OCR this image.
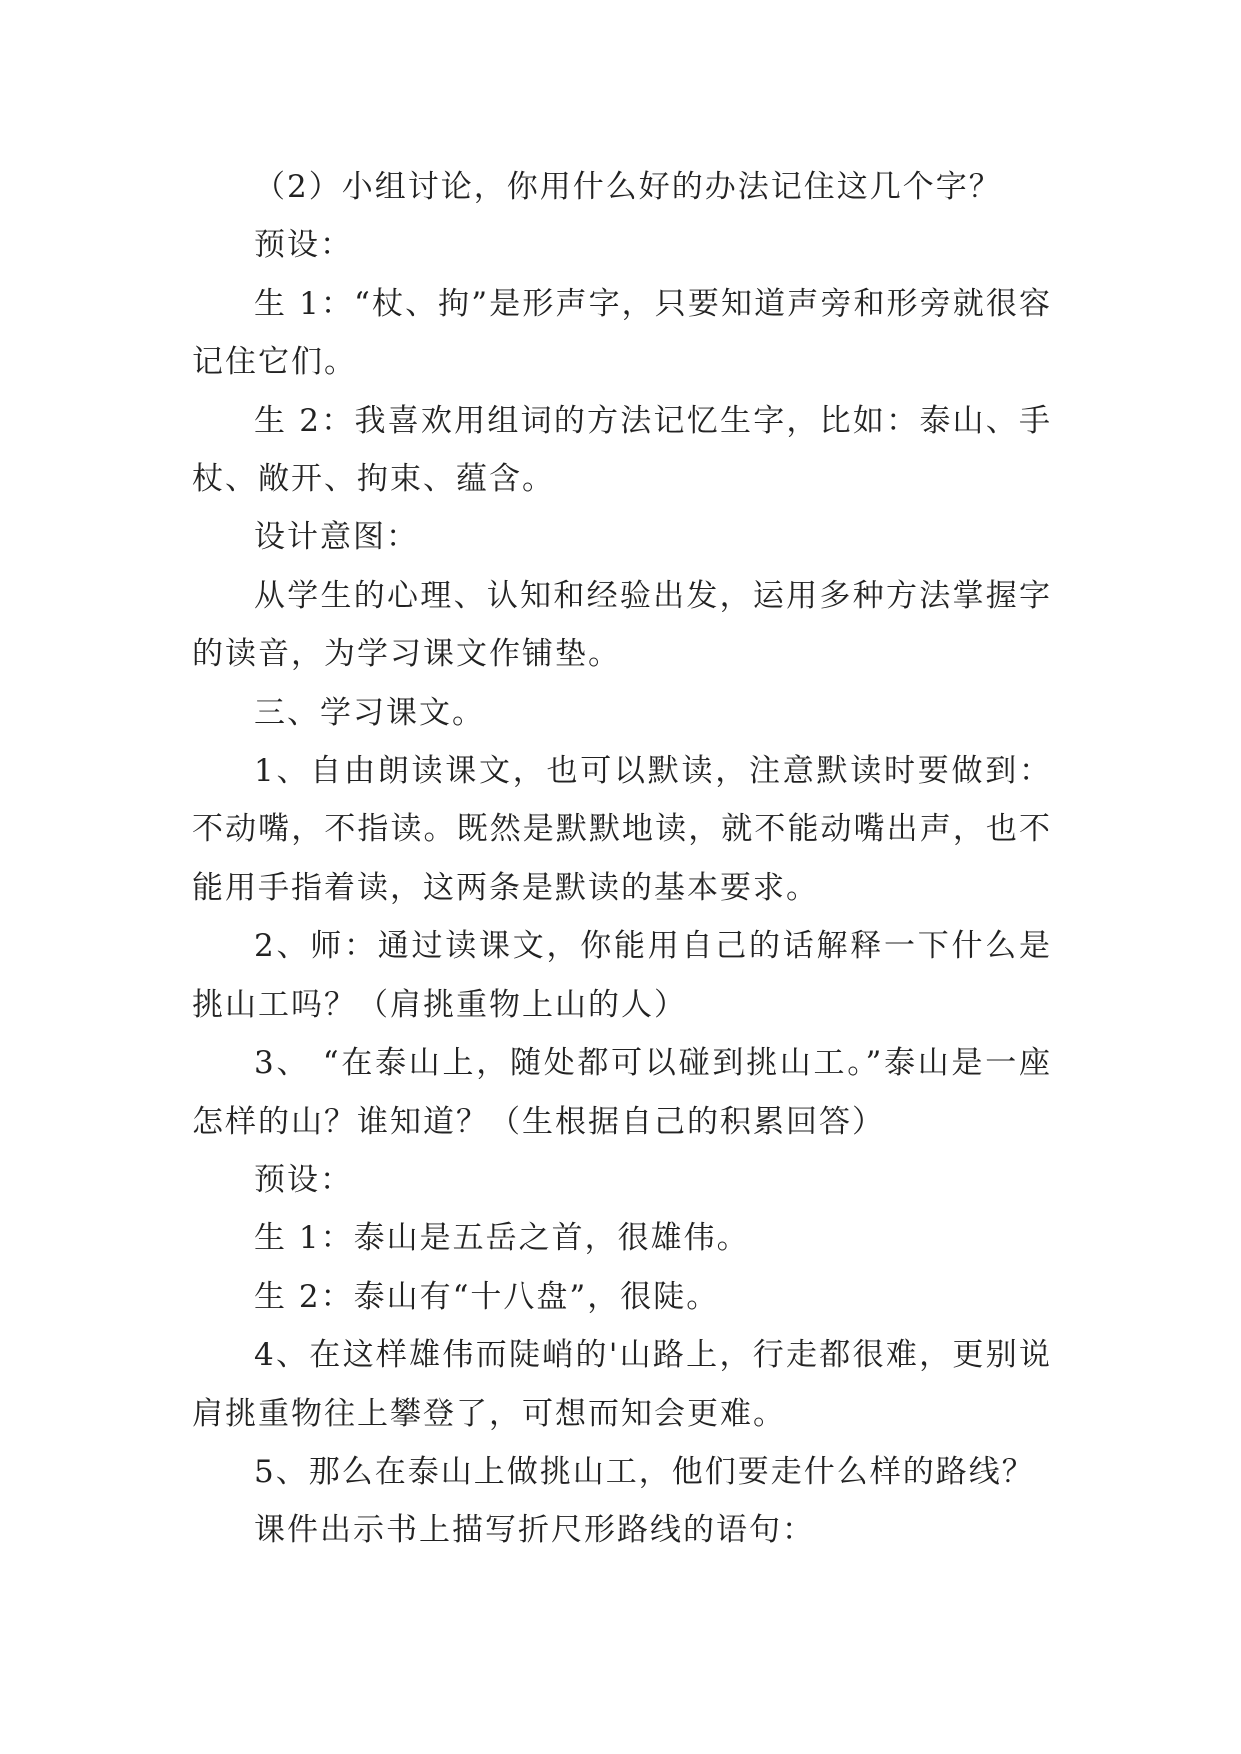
（2）小组讨论，你用什么好的办法记住这几个字？

预设：

生 1：“杖、拘”是形声字，只要知道声旁和形旁就很容记住它们。

生 2：我喜欢用组词的方法记忆生字，比如：泰山、手杖、敞开、拘束、蕴含。

设计意图：

从学生的心理、认知和经验出发，运用多种方法掌握字的读音，为学习课文作铺垫。

三、学习课文。

1、自由朗读课文，也可以默读，注意默读时要做到：不动嘴，不指读。既然是默默地读，就不能动嘴出声，也不能用手指着读，这两条是默读的基本要求。

2、师：通过读课文，你能用自己的话解释一下什么是挑山工吗？（肩挑重物上山的人）

3、 “在泰山上，随处都可以碰到挑山工。”泰山是一座怎样的山？谁知道？（生根据自己的积累回答）

预设：

生 1：泰山是五岳之首，很雄伟。

生 2：泰山有“十八盘”，很陡。

4、在这样雄伟而陡峭的'山路上，行走都很难，更别说肩挑重物往上攀登了，可想而知会更难。

5、那么在泰山上做挑山工，他们要走什么样的路线？

课件出示书上描写折尺形路线的语句：
